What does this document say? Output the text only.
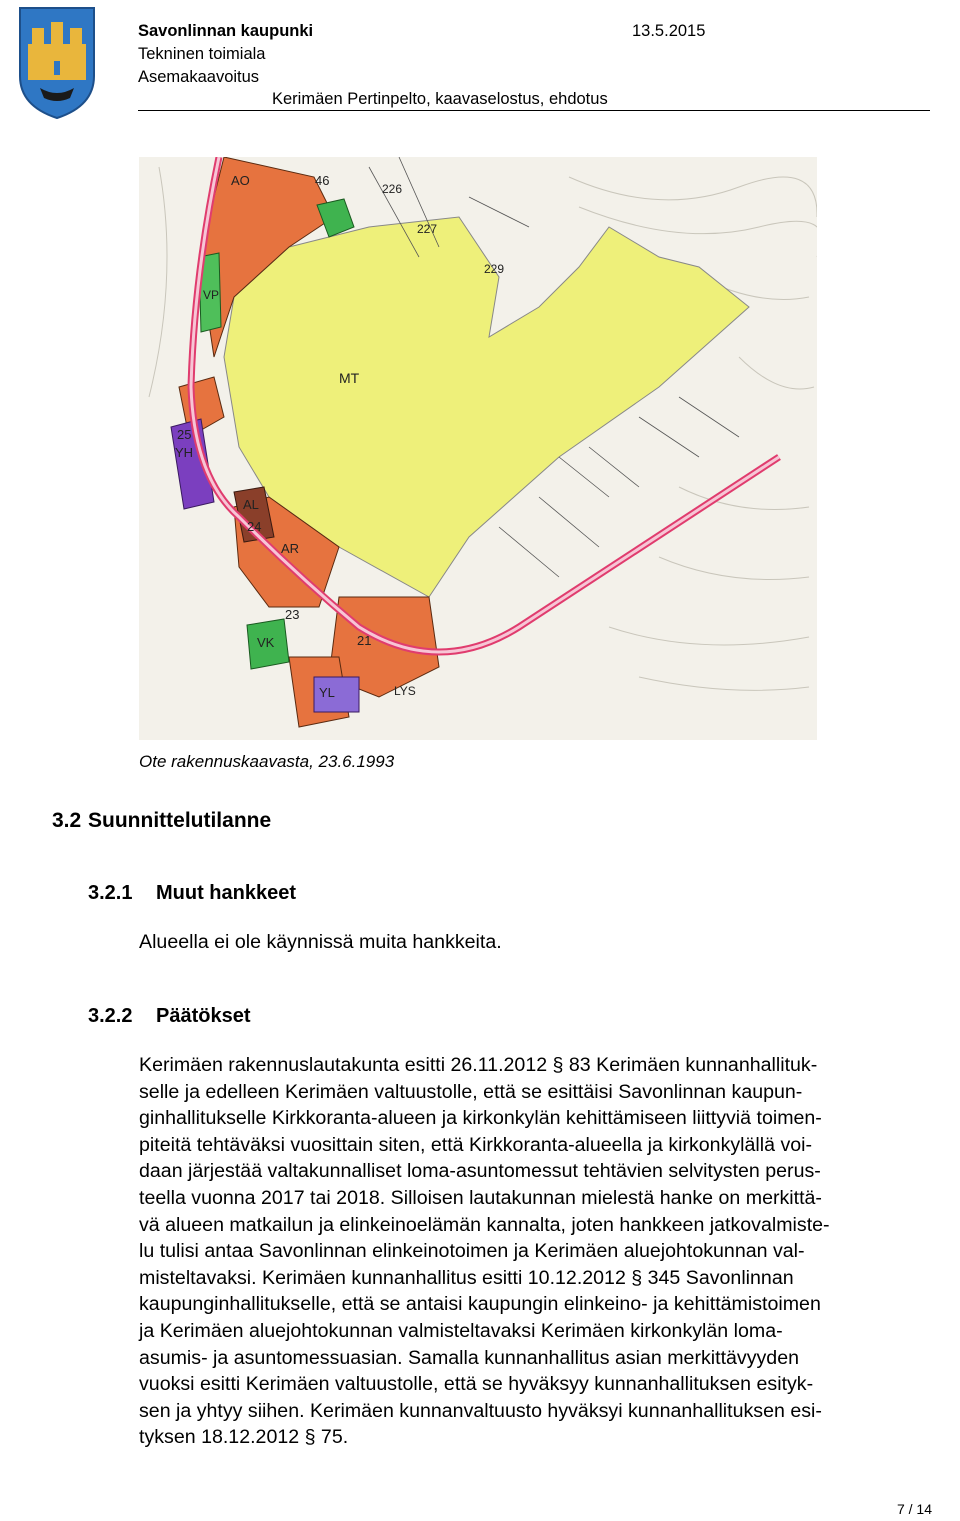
Savonlinnan kaupunki	13.5.2015
Tekninen toimiala
Asemakaavoitus
Kerimäen Pertinpelto, kaavaselostus, ehdotus
MT
VP
YH
AL
AR
VK
YL	LYS
AO
226
227
229
46
25
23
21
24
Ote rakennuskaavasta, 23.6.1993
3.2 Suunnittelutilanne
3.2.1 Muut hankkeet
Alueella ei ole käynnissä muita hankkeita.
3.2.2 Päätökset
Kerimäen rakennuslautakunta esitti 26.11.2012 § 83 Kerimäen kunnanhallituk-
selle ja edelleen Kerimäen valtuustolle, että se esittäisi Savonlinnan kaupun-
ginhallitukselle Kirkkoranta-alueen ja kirkonkylän kehittämiseen liittyviä toimen-
piteitä tehtäväksi vuosittain siten, että Kirkkoranta-alueella ja kirkonkylällä voi-
daan järjestää valtakunnalliset loma-asuntomessut tehtävien selvitysten perus-
teella vuonna 2017 tai 2018. Silloisen lautakunnan mielestä hanke on merkittä-
vä alueen matkailun ja elinkeinoelämän kannalta, joten hankkeen jatkovalmiste-
lu tulisi antaa Savonlinnan elinkeinotoimen ja Kerimäen aluejohtokunnan val-
misteltavaksi. Kerimäen kunnanhallitus esitti 10.12.2012 § 345 Savonlinnan
kaupunginhallitukselle, että se antaisi kaupungin elinkeino- ja kehittämistoimen
ja Kerimäen aluejohtokunnan valmisteltavaksi Kerimäen kirkonkylän loma-
asumis- ja asuntomessuasian. Samalla kunnanhallitus asian merkittävyyden
vuoksi esitti Kerimäen valtuustolle, että se hyväksyy kunnanhallituksen esityk-
sen ja yhtyy siihen. Kerimäen kunnanvaltuusto hyväksyi kunnanhallituksen esi-
tyksen 18.12.2012 § 75.
7 / 14
